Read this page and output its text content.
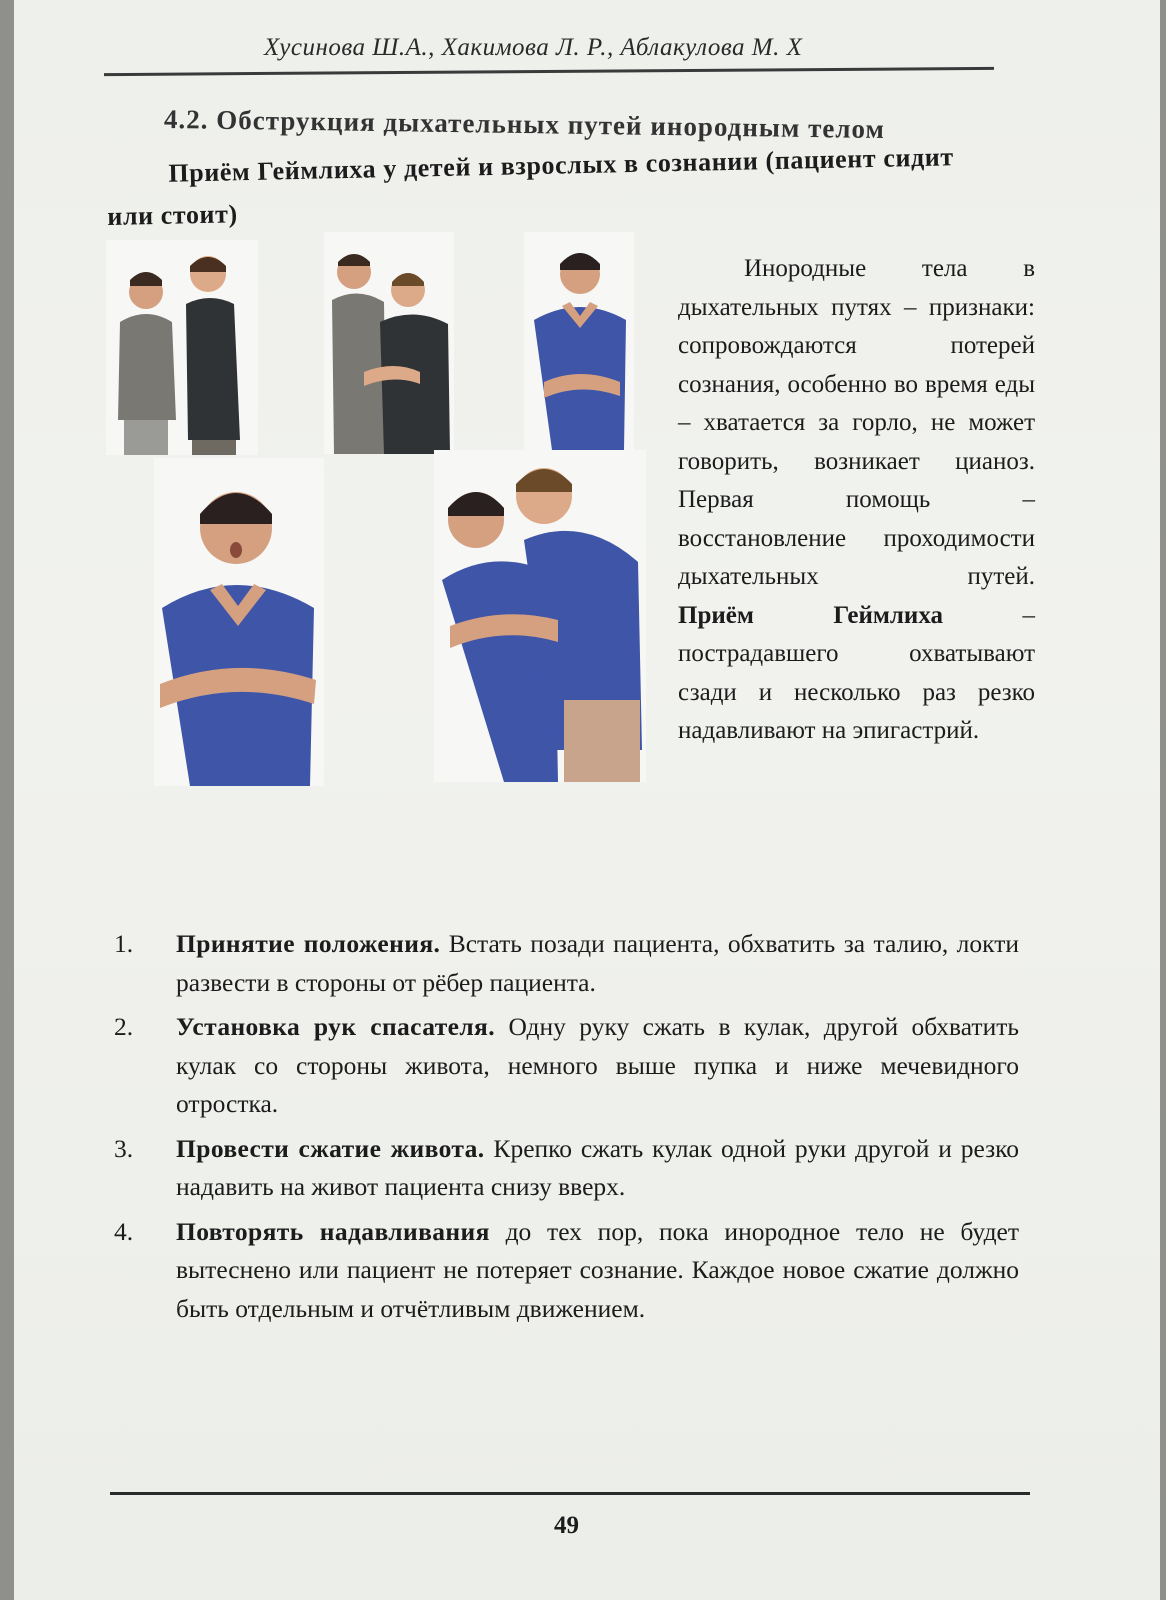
Хусинова Ш.А., Хакимова Л. Р., Аблакулова М. Х
4.2. Обструкция дыхательных путей инородным телом
Приём Геймлиха у детей и взрослых в сознании (пациент сидит или стоит)

Инородные тела в дыхательных путях – признаки:

сопровождаются потерей сознания, особенно во время еды – хватается за горло, не может говорить, возникает цианоз. Первая помощь – восстановление проходимости дыхательных путей.

Приём Геймлиха – пострадавшего охватывают сзади и несколько раз резко надавливают на эпигастрий.

1. Принятие положения. Встать позади пациента, обхватить за талию, локти развести в стороны от рёбер пациента.
2. Установка рук спасателя. Одну руку сжать в кулак, другой обхватить кулак со стороны живота, немного выше пупка и ниже мечевидного отростка.
3. Провести сжатие живота. Крепко сжать кулак одной руки другой и резко надавить на живот пациента снизу вверх.
4. Повторять надавливания до тех пор, пока инородное тело не будет вытеснено или пациент не потеряет сознание. Каждое новое сжатие должно быть отдельным и отчётливым движением.
49
